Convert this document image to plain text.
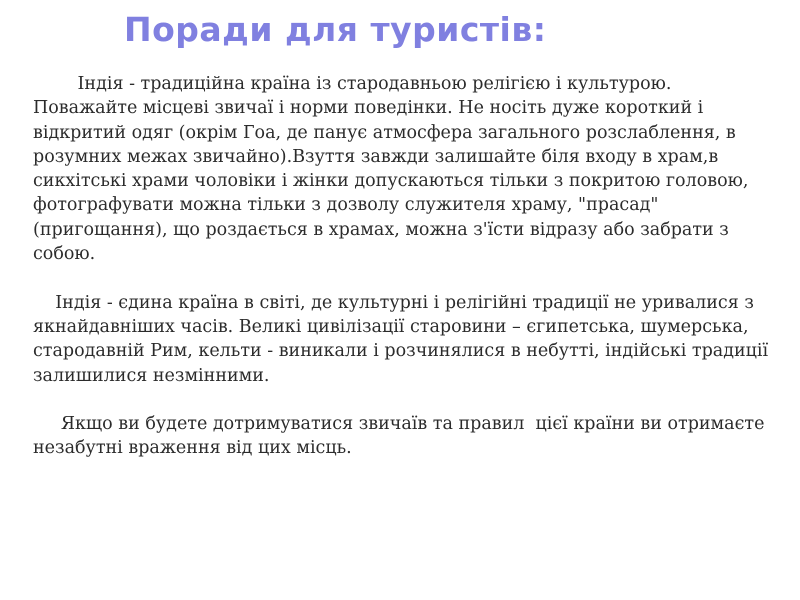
Поради для туристів:

Індія - традиційна країна із стародавньою релігією і культурою. Поважайте місцеві звичаї і норми поведінки. Не носіть дуже короткий і відкритий одяг (окрім Гоа, де панує атмосфера загального розслаблення, в розумних межах звичайно).Взуття завжди залишайте біля входу в храм,в сикхітські храми чоловіки і жінки допускаються тільки з покритою головою, фотографувати можна тільки з дозволу служителя храму, "прасад" (пригощання), що роздається в храмах, можна з'їсти відразу або забрати з собою.

Індія - єдина країна в світі, де культурні і релігійні традиції не уривалися з якнайдавніших часів. Великі цивілізації старовини – єгипетська, шумерська, стародавній Рим, кельти - виникали і розчинялися в небутті, індійські традиції залишилися незмінними.

Якщо ви будете дотримуватися звичаїв та правил  цієї країни ви отримаєте незабутні враження від цих місць.
